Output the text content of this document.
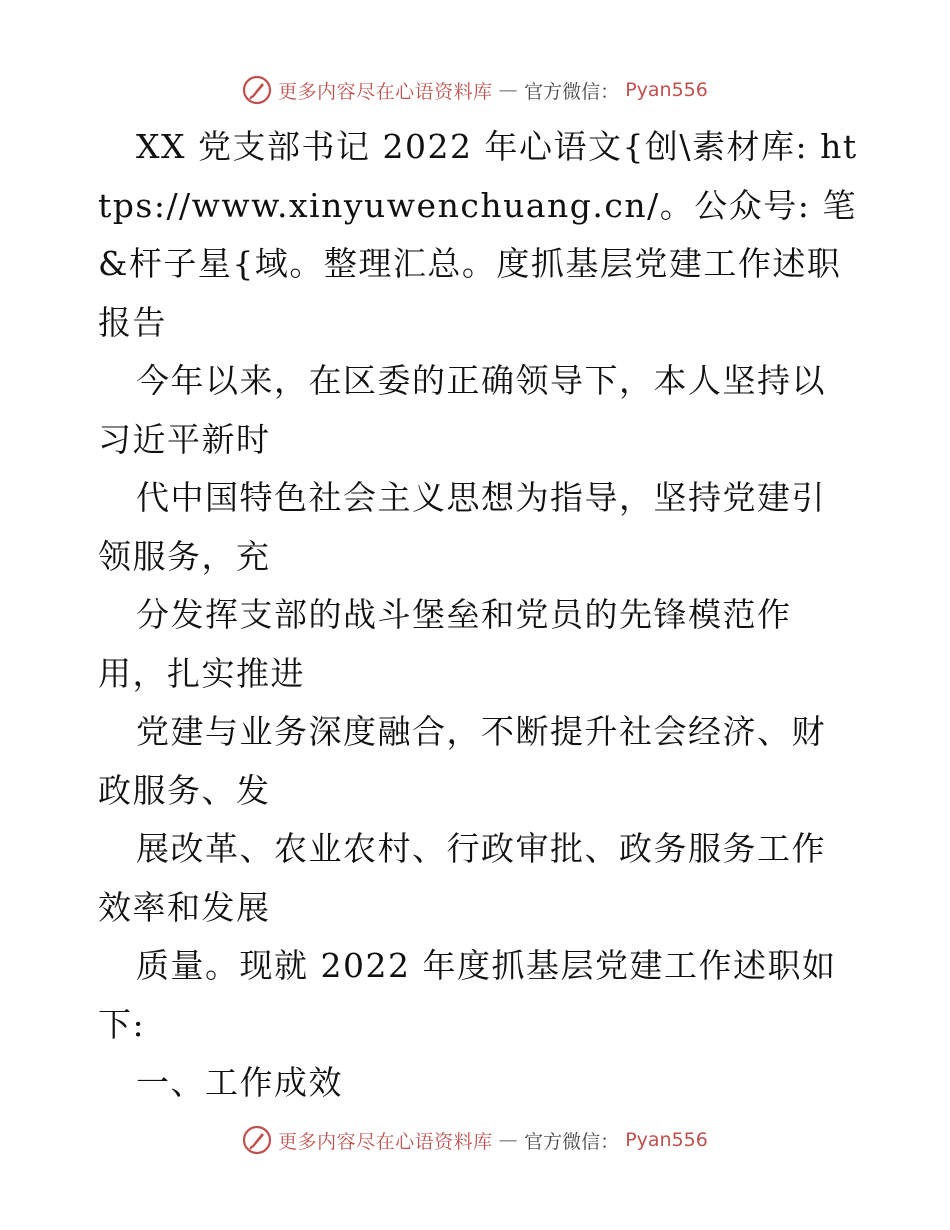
更多内容尽在心语资料库 — 官方微信： Pyan556

XX 党支部书记 2022 年心语文{创\素材库: https://www.xinyuwenchuang.cn/。公众号: 笔&杆子星{域。整理汇总。度抓基层党建工作述职报告

今年以来，在区委的正确领导下，本人坚持以习近平新时

代中国特色社会主义思想为指导，坚持党建引领服务，充

分发挥支部的战斗堡垒和党员的先锋模范作用，扎实推进

党建与业务深度融合，不断提升社会经济、财政服务、发

展改革、农业农村、行政审批、政务服务工作效率和发展

质量。现就 2022 年度抓基层党建工作述职如下:

一、工作成效

更多内容尽在心语资料库 — 官方微信： Pyan556
